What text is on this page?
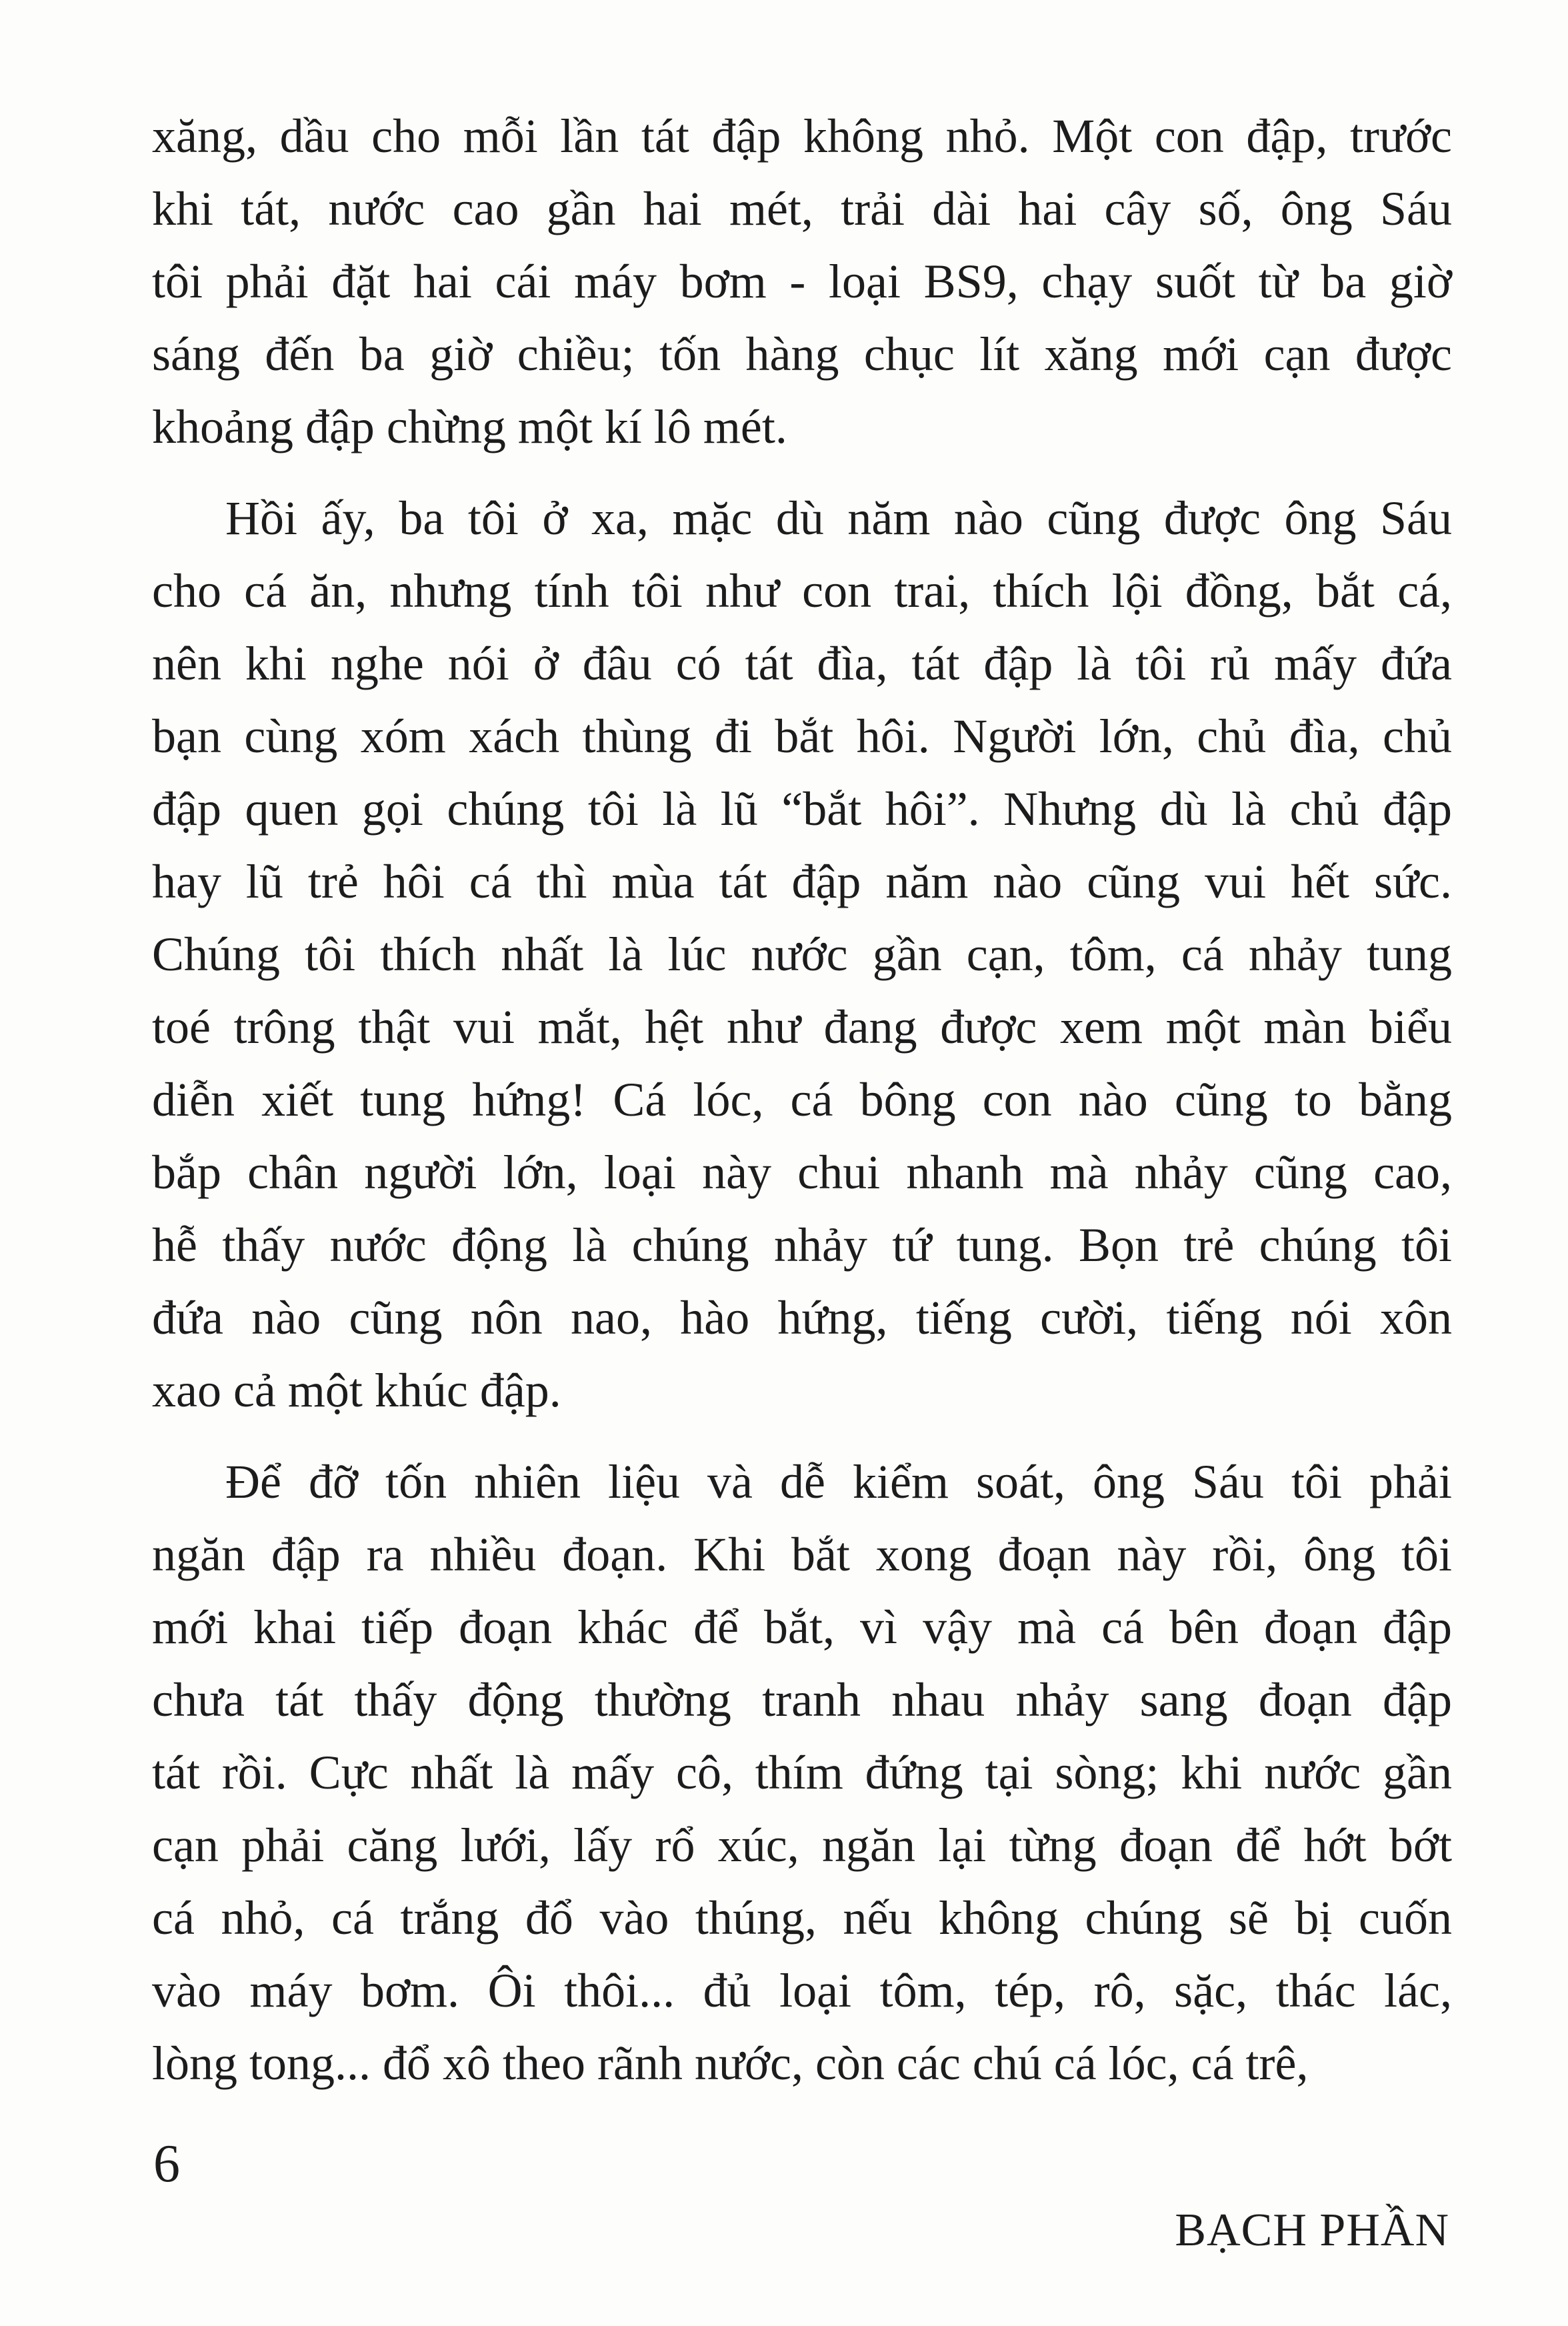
xăng, dầu cho mỗi lần tát đập không nhỏ. Một con đập, trước

khi tát, nước cao gần hai mét, trải dài hai cây số, ông Sáu

tôi phải đặt hai cái máy bơm - loại BS9, chạy suốt từ ba giờ

sáng đến ba giờ chiều; tốn hàng chục lít xăng mới cạn được

khoảng đập chừng một kí lô mét.

Hồi ấy, ba tôi ở xa, mặc dù năm nào cũng được ông Sáu

cho cá ăn, nhưng tính tôi như con trai, thích lội đồng, bắt cá,

nên khi nghe nói ở đâu có tát đìa, tát đập là tôi rủ mấy đứa

bạn cùng xóm xách thùng đi bắt hôi. Người lớn, chủ đìa, chủ

đập quen gọi chúng tôi là lũ “bắt hôi”. Nhưng dù là chủ đập

hay lũ trẻ hôi cá thì mùa tát đập năm nào cũng vui hết sức.

Chúng tôi thích nhất là lúc nước gần cạn, tôm, cá nhảy tung

toé trông thật vui mắt, hệt như đang được xem một màn biểu

diễn xiết tung hứng! Cá lóc, cá bông con nào cũng to bằng

bắp chân người lớn, loại này chui nhanh mà nhảy cũng cao,

hễ thấy nước động là chúng nhảy tứ tung. Bọn trẻ chúng tôi

đứa nào cũng nôn nao, hào hứng, tiếng cười, tiếng nói xôn

xao cả một khúc đập.

Để đỡ tốn nhiên liệu và dễ kiểm soát, ông Sáu tôi phải

ngăn đập ra nhiều đoạn. Khi bắt xong đoạn này rồi, ông tôi

mới khai tiếp đoạn khác để bắt, vì vậy mà cá bên đoạn đập

chưa tát thấy động thường tranh nhau nhảy sang đoạn đập

tát rồi. Cực nhất là mấy cô, thím đứng tại sòng; khi nước gần

cạn phải căng lưới, lấy rổ xúc, ngăn lại từng đoạn để hớt bớt

cá nhỏ, cá trắng đổ vào thúng, nếu không chúng sẽ bị cuốn

vào máy bơm. Ôi thôi... đủ loại tôm, tép, rô, sặc, thác lác,

lòng tong... đổ xô theo rãnh nước, còn các chú cá lóc, cá trê,

6
BẠCH PHẦN
